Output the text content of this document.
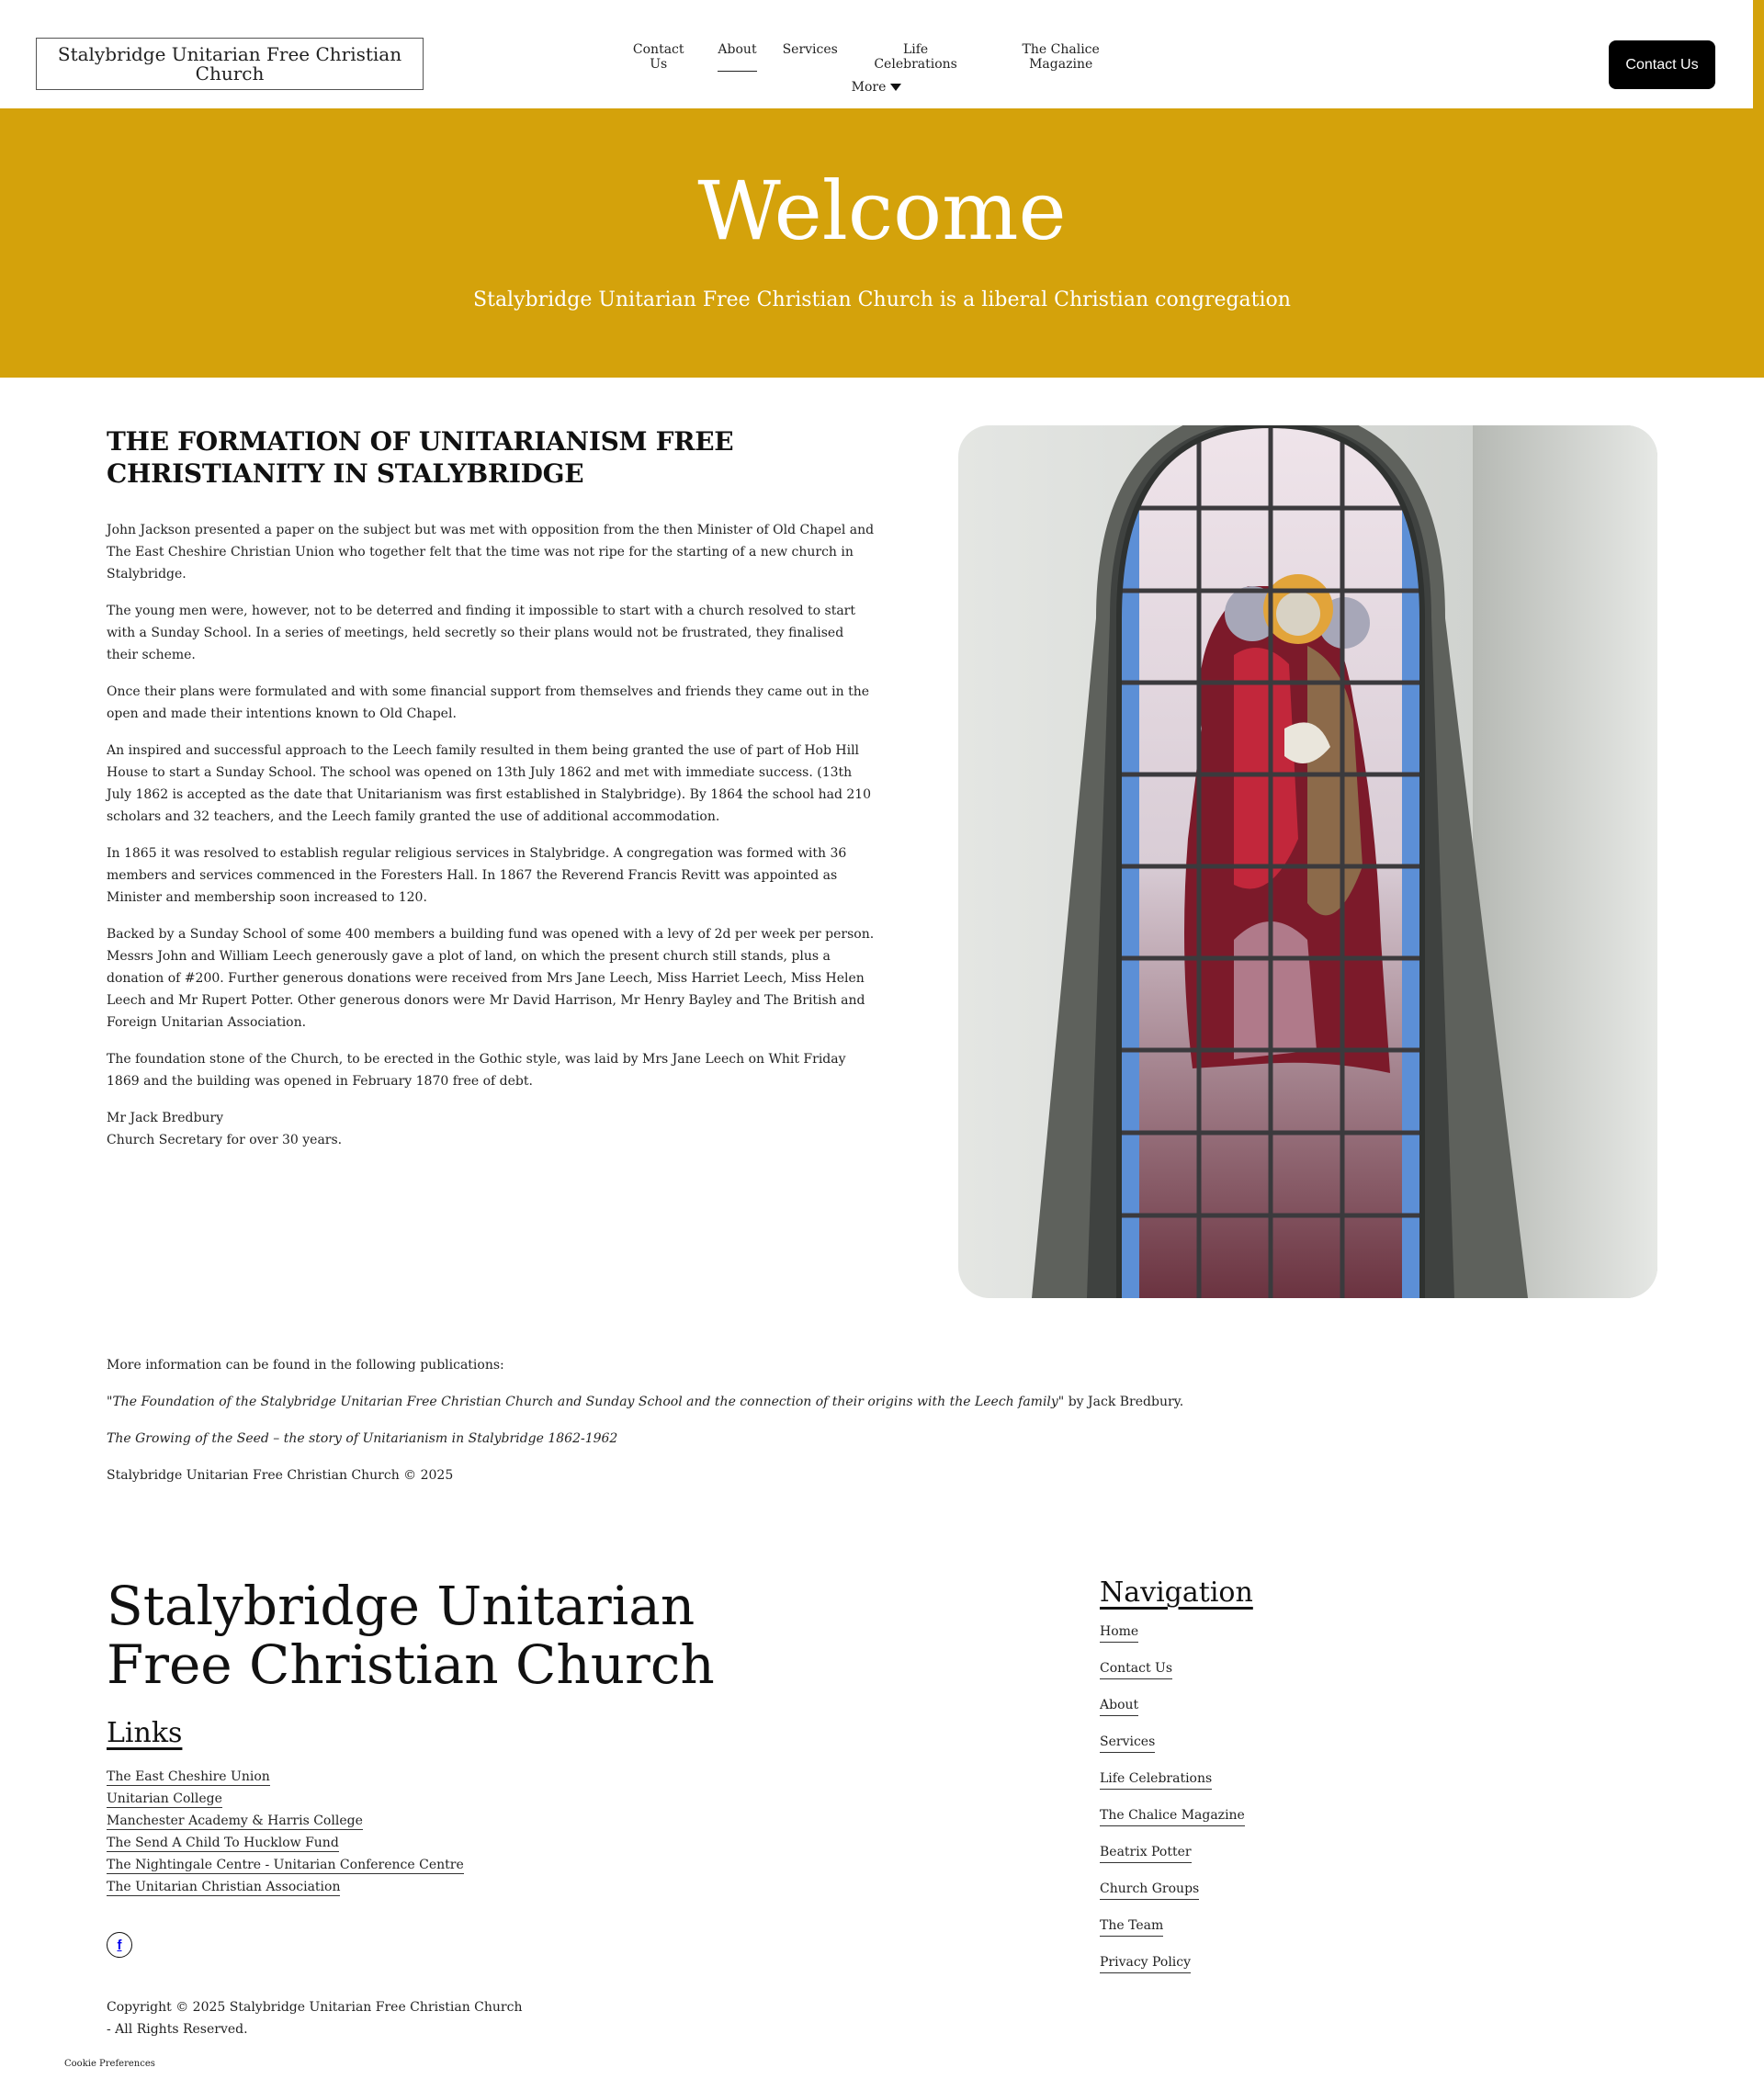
Stalybridge Unitarian Free Christian Church
Contact Us
About Services	Life Celebrations
The Chalice Magazine
More
Contact Us
Welcome

Stalybridge Unitarian Free Christian Church is a liberal Christian congregation

THE FORMATION OF UNITARIANISM FREE CHRISTIANITY IN STALYBRIDGE

John Jackson presented a paper on the subject but was met with opposition from the then Minister of Old Chapel and The East Cheshire Christian Union who together felt that the time was not ripe for the starting of a new church in Stalybridge.

The young men were, however, not to be deterred and finding it impossible to start with a church resolved to start with a Sunday School. In a series of meetings, held secretly so their plans would not be frustrated, they finalised their scheme.

Once their plans were formulated and with some financial support from themselves and friends they came out in the open and made their intentions known to Old Chapel.

An inspired and successful approach to the Leech family resulted in them being granted the use of part of Hob Hill House to start a Sunday School. The school was opened on 13th July 1862 and met with immediate success. (13th July 1862 is accepted as the date that Unitarianism was first established in Stalybridge). By 1864 the school had 210 scholars and 32 teachers, and the Leech family granted the use of additional accommodation.

In 1865 it was resolved to establish regular religious services in Stalybridge. A congregation was formed with 36 members and services commenced in the Foresters Hall. In 1867 the Reverend Francis Revitt was appointed as Minister and membership soon increased to 120.

Backed by a Sunday School of some 400 members a building fund was opened with a levy of 2d per week per person. Messrs John and William Leech generously gave a plot of land, on which the present church still stands, plus a donation of #200. Further generous donations were received from Mrs Jane Leech, Miss Harriet Leech, Miss Helen Leech and Mr Rupert Potter. Other generous donors were Mr David Harrison, Mr Henry Bayley and The British and Foreign Unitarian Association.

The foundation stone of the Church, to be erected in the Gothic style, was laid by Mrs Jane Leech on Whit Friday 1869 and the building was opened in February 1870 free of debt.

Mr Jack Bredbury
Church Secretary for over 30 years.

More information can be found in the following publications:

"The Foundation of the Stalybridge Unitarian Free Christian Church and Sunday School and the connection of their origins with the Leech family" by Jack Bredbury.

The Growing of the Seed – the story of Unitarianism in Stalybridge 1862-1962

Stalybridge Unitarian Free Christian Church © 2025

Stalybridge Unitarian Free Christian Church
Links
The East Cheshire Union
Unitarian College
Manchester Academy & Harris College
The Send A Child To Hucklow Fund
The Nightingale Centre - Unitarian Conference Centre
The Unitarian Christian Association
f
Copyright © 2025 Stalybridge Unitarian Free Christian Church - All Rights Reserved.
Cookie Preferences
Navigation
Home
Contact Us
About
Services
Life Celebrations
The Chalice Magazine
Beatrix Potter
Church Groups
The Team
Privacy Policy
